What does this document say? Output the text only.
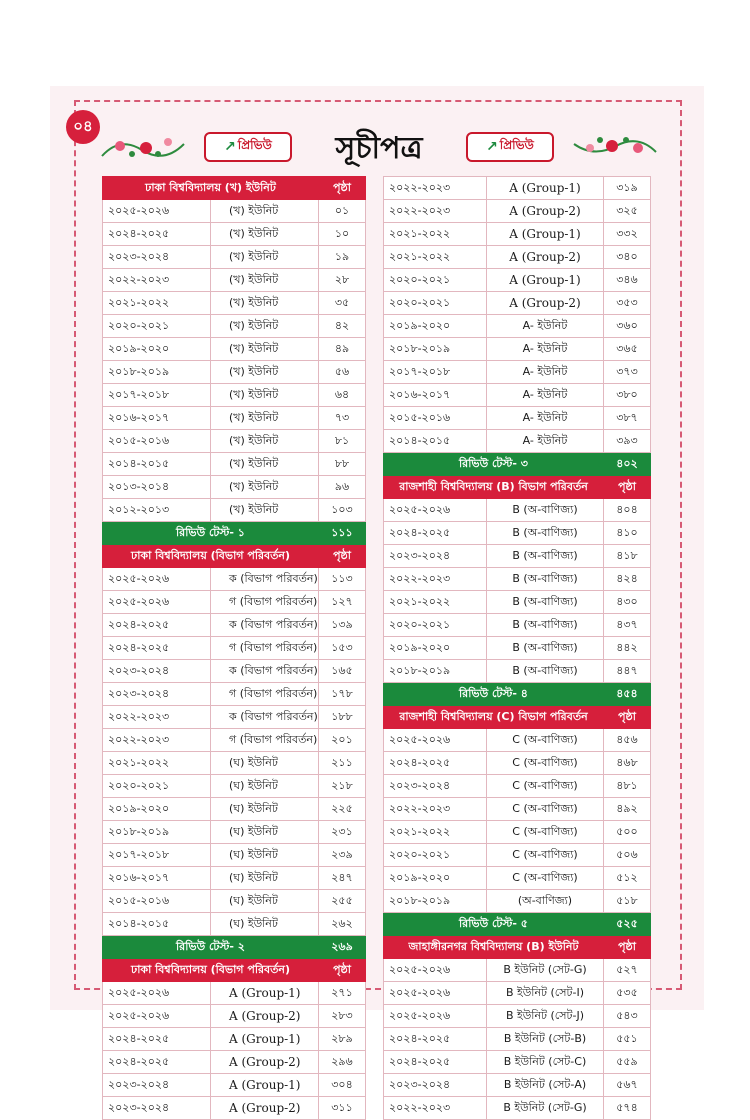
০৪
↗ প্রিভিউ	সূচীপত্র	↗ প্রিভিউ
ঢাকা বিশ্ববিদ্যালয় (খ) ইউনিট		পৃষ্ঠা
২০২৫-২০২৬	(খ) ইউনিট	০১
২০২৪-২০২৫	(খ) ইউনিট	১০
২০২৩-২০২৪	(খ) ইউনিট	১৯
২০২২-২০২৩	(খ) ইউনিট	২৮
২০২১-২০২২	(খ) ইউনিট	৩৫
২০২০-২০২১	(খ) ইউনিট	৪২
২০১৯-২০২০	(খ) ইউনিট	৪৯
২০১৮-২০১৯	(খ) ইউনিট	৫৬
২০১৭-২০১৮	(খ) ইউনিট	৬৪
২০১৬-২০১৭	(খ) ইউনিট	৭৩
২০১৫-২০১৬	(খ) ইউনিট	৮১
২০১৪-২০১৫	(খ) ইউনিট	৮৮
২০১৩-২০১৪	(খ) ইউনিট	৯৬
২০১২-২০১৩	(খ) ইউনিট	১০৩
রিভিউ টেস্ট- ১		১১১
ঢাকা বিশ্ববিদ্যালয় (বিভাগ পরিবর্তন)		পৃষ্ঠা
২০২৫-২০২৬	ক (বিভাগ পরিবর্তন)	১১৩
২০২৫-২০২৬	গ (বিভাগ পরিবর্তন)	১২৭
২০২৪-২০২৫	ক (বিভাগ পরিবর্তন)	১৩৯
২০২৪-২০২৫	গ (বিভাগ পরিবর্তন)	১৫৩
২০২৩-২০২৪	ক (বিভাগ পরিবর্তন)	১৬৫
২০২৩-২০২৪	গ (বিভাগ পরিবর্তন)	১৭৮
২০২২-২০২৩	ক (বিভাগ পরিবর্তন)	১৮৮
২০২২-২০২৩	গ (বিভাগ পরিবর্তন)	২০১
২০২১-২০২২	(ঘ) ইউনিট	২১১
২০২০-২০২১	(ঘ) ইউনিট	২১৮
২০১৯-২০২০	(ঘ) ইউনিট	২২৫
২০১৮-২০১৯	(ঘ) ইউনিট	২৩১
২০১৭-২০১৮	(ঘ) ইউনিট	২৩৯
২০১৬-২০১৭	(ঘ) ইউনিট	২৪৭
২০১৫-২০১৬	(ঘ) ইউনিট	২৫৫
২০১৪-২০১৫	(ঘ) ইউনিট	২৬২
রিভিউ টেস্ট- ২		২৬৯
ঢাকা বিশ্ববিদ্যালয় (বিভাগ পরিবর্তন)		পৃষ্ঠা
২০২৫-২০২৬	A (Group-1)	২৭১
২০২৫-২০২৬	A (Group-2)	২৮৩
২০২৪-২০২৫	A (Group-1)	২৮৯
২০২৪-২০২৫	A (Group-2)	২৯৬
২০২৩-২০২৪	A (Group-1)	৩০৪
২০২৩-২০২৪	A (Group-2)	৩১১
২০২২-২০২৩	A (Group-1)	৩১৯
২০২২-২০২৩	A (Group-2)	৩২৫
২০২১-২০২২	A (Group-1)	৩৩২
২০২১-২০২২	A (Group-2)	৩৪০
২০২০-২০২১	A (Group-1)	৩৪৬
২০২০-২০২১	A (Group-2)	৩৫৩
২০১৯-২০২০	A- ইউনিট	৩৬০
২০১৮-২০১৯	A- ইউনিট	৩৬৫
২০১৭-২০১৮	A- ইউনিট	৩৭৩
২০১৬-২০১৭	A- ইউনিট	৩৮০
২০১৫-২০১৬	A- ইউনিট	৩৮৭
২০১৪-২০১৫	A- ইউনিট	৩৯৩
রিভিউ টেস্ট- ৩		৪০২
রাজশাহী বিশ্ববিদ্যালয় (B) বিভাগ পরিবর্তন		পৃষ্ঠা
২০২৫-২০২৬	B (অ-বাণিজ্য)	৪০৪
২০২৪-২০২৫	B (অ-বাণিজ্য)	৪১০
২০২৩-২০২৪	B (অ-বাণিজ্য)	৪১৮
২০২২-২০২৩	B (অ-বাণিজ্য)	৪২৪
২০২১-২০২২	B (অ-বাণিজ্য)	৪৩০
২০২০-২০২১	B (অ-বাণিজ্য)	৪৩৭
২০১৯-২০২০	B (অ-বাণিজ্য)	৪৪২
২০১৮-২০১৯	B (অ-বাণিজ্য)	৪৪৭
রিভিউ টেস্ট- ৪		৪৫৪
রাজশাহী বিশ্ববিদ্যালয় (C) বিভাগ পরিবর্তন		পৃষ্ঠা
২০২৫-২০২৬	C (অ-বাণিজ্য)	৪৫৬
২০২৪-২০২৫	C (অ-বাণিজ্য)	৪৬৮
২০২৩-২০২৪	C (অ-বাণিজ্য)	৪৮১
২০২২-২০২৩	C (অ-বাণিজ্য)	৪৯২
২০২১-২০২২	C (অ-বাণিজ্য)	৫০০
২০২০-২০২১	C (অ-বাণিজ্য)	৫০৬
২০১৯-২০২০	C (অ-বাণিজ্য)	৫১২
২০১৮-২০১৯	(অ-বাণিজ্য)	৫১৮
রিভিউ টেস্ট- ৫		৫২৫
জাহাঙ্গীরনগর বিশ্ববিদ্যালয় (B) ইউনিট		পৃষ্ঠা
২০২৫-২০২৬	B ইউনিট (সেট-G)	৫২৭
২০২৫-২০২৬	B ইউনিট (সেট-I)	৫৩৫
২০২৫-২০২৬	B ইউনিট (সেট-J)	৫৪৩
২০২৪-২০২৫	B ইউনিট (সেট-B)	৫৫১
২০২৪-২০২৫	B ইউনিট (সেট-C)	৫৫৯
২০২৩-২০২৪	B ইউনিট (সেট-A)	৫৬৭
২০২২-২০২৩	B ইউনিট (সেট-G)	৫৭৪
